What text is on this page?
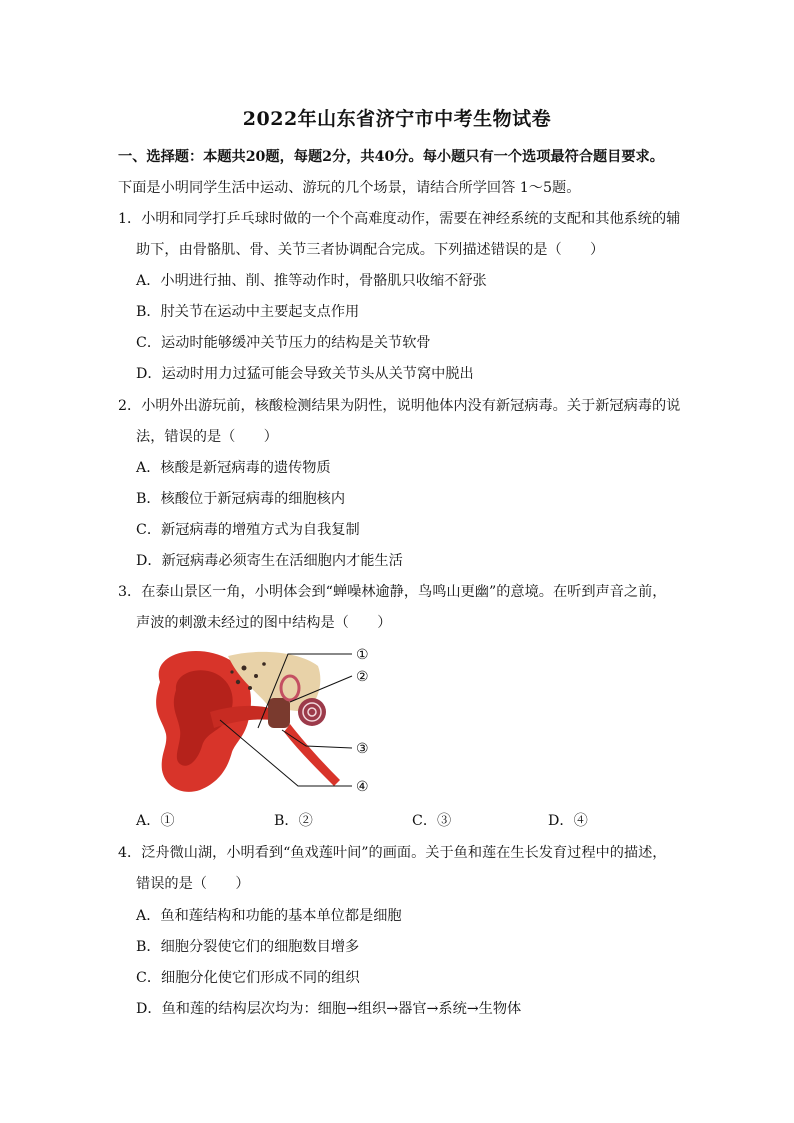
2022年山东省济宁市中考生物试卷
一、选择题：本题共20题，每题2分，共40分。每小题只有一个选项最符合题目要求。
下面是小明同学生活中运动、游玩的几个场景，请结合所学回答 1～5题。
1．小明和同学打乒乓球时做的一个个高难度动作，需要在神经系统的支配和其他系统的辅
助下，由骨骼肌、骨、关节三者协调配合完成。下列描述错误的是（　　）
A．小明进行抽、削、推等动作时，骨骼肌只收缩不舒张
B．肘关节在运动中主要起支点作用
C．运动时能够缓冲关节压力的结构是关节软骨
D．运动时用力过猛可能会导致关节头从关节窝中脱出
2．小明外出游玩前，核酸检测结果为阴性，说明他体内没有新冠病毒。关于新冠病毒的说
法，错误的是（　　）
A．核酸是新冠病毒的遗传物质
B．核酸位于新冠病毒的细胞核内
C．新冠病毒的增殖方式为自我复制
D．新冠病毒必须寄生在活细胞内才能生活
3．在泰山景区一角，小明体会到“蝉噪林逾静，鸟鸣山更幽”的意境。在听到声音之前，
声波的刺激未经过的图中结构是（　　）
①
②
③
④
A．①	B．②	C．③	D．④
4．泛舟微山湖，小明看到“鱼戏莲叶间”的画面。关于鱼和莲在生长发育过程中的描述，
错误的是（　　）
A．鱼和莲结构和功能的基本单位都是细胞
B．细胞分裂使它们的细胞数目增多
C．细胞分化使它们形成不同的组织
D．鱼和莲的结构层次均为：细胞→组织→器官→系统→生物体
